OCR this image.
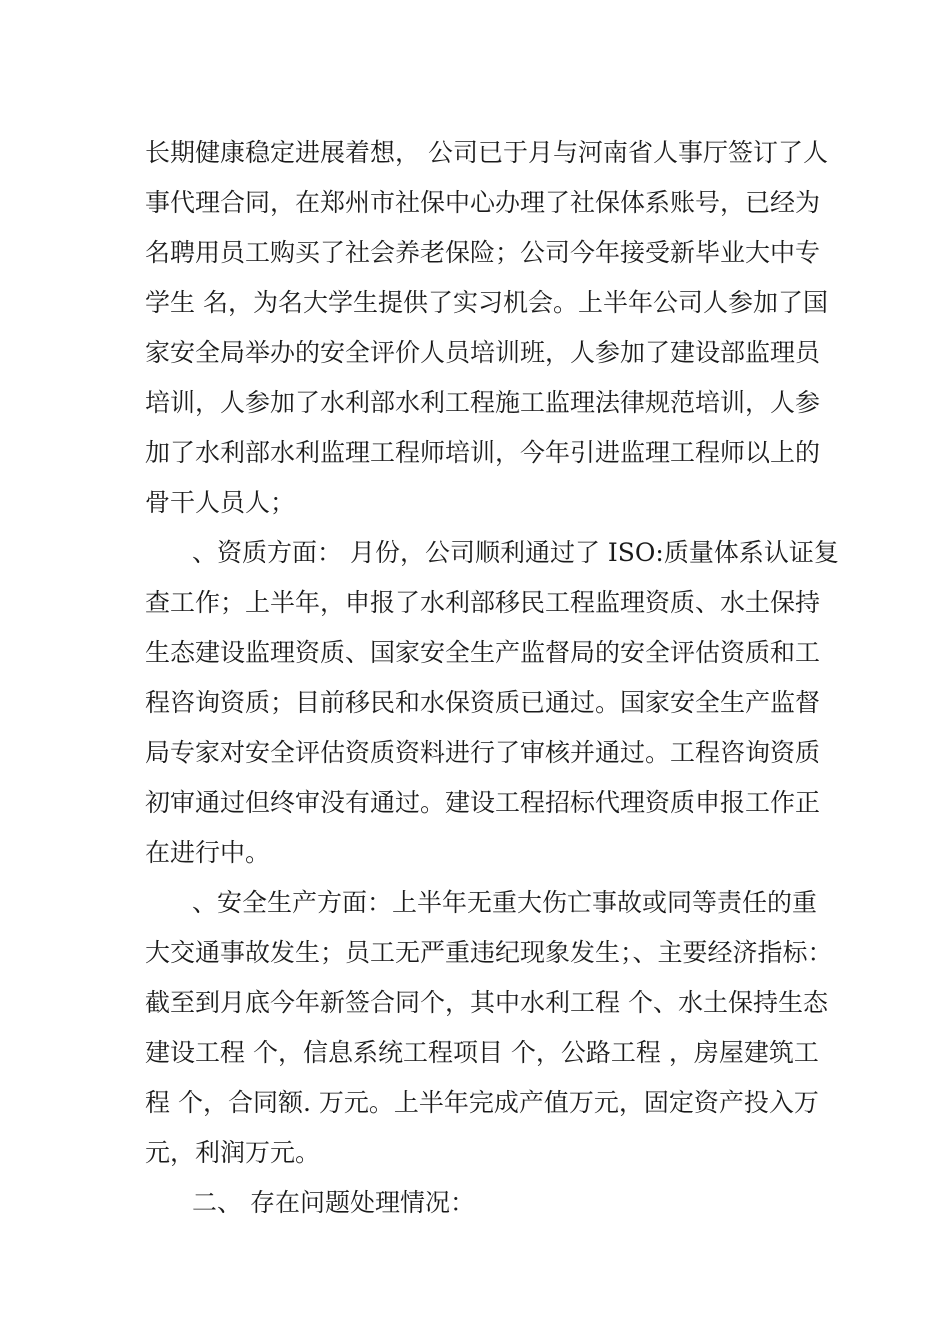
长期健康稳定进展着想， 公司已于月与河南省人事厅签订了人
事代理合同，在郑州市社保中心办理了社保体系账号，已经为
名聘用员工购买了社会养老保险；公司今年接受新毕业大中专
学生 名，为名大学生提供了实习机会。上半年公司人参加了国
家安全局举办的安全评价人员培训班，人参加了建设部监理员
培训，人参加了水利部水利工程施工监理法律规范培训，人参
加了水利部水利监理工程师培训，今年引进监理工程师以上的
骨干人员人；
、资质方面： 月份，公司顺利通过了 ISO:质量体系认证复
查工作；上半年，申报了水利部移民工程监理资质、水土保持
生态建设监理资质、国家安全生产监督局的安全评估资质和工
程咨询资质；目前移民和水保资质已通过。国家安全生产监督
局专家对安全评估资质资料进行了审核并通过。工程咨询资质
初审通过但终审没有通过。建设工程招标代理资质申报工作正
在进行中。
、安全生产方面：上半年无重大伤亡事故或同等责任的重
大交通事故发生；员工无严重违纪现象发生；、主要经济指标：
截至到月底今年新签合同个，其中水利工程 个、水土保持生态
建设工程 个，信息系统工程项目 个，公路工程 ，房屋建筑工
程 个，合同额. 万元。上半年完成产值万元，固定资产投入万
元，利润万元。
二、 存在问题处理情况：
